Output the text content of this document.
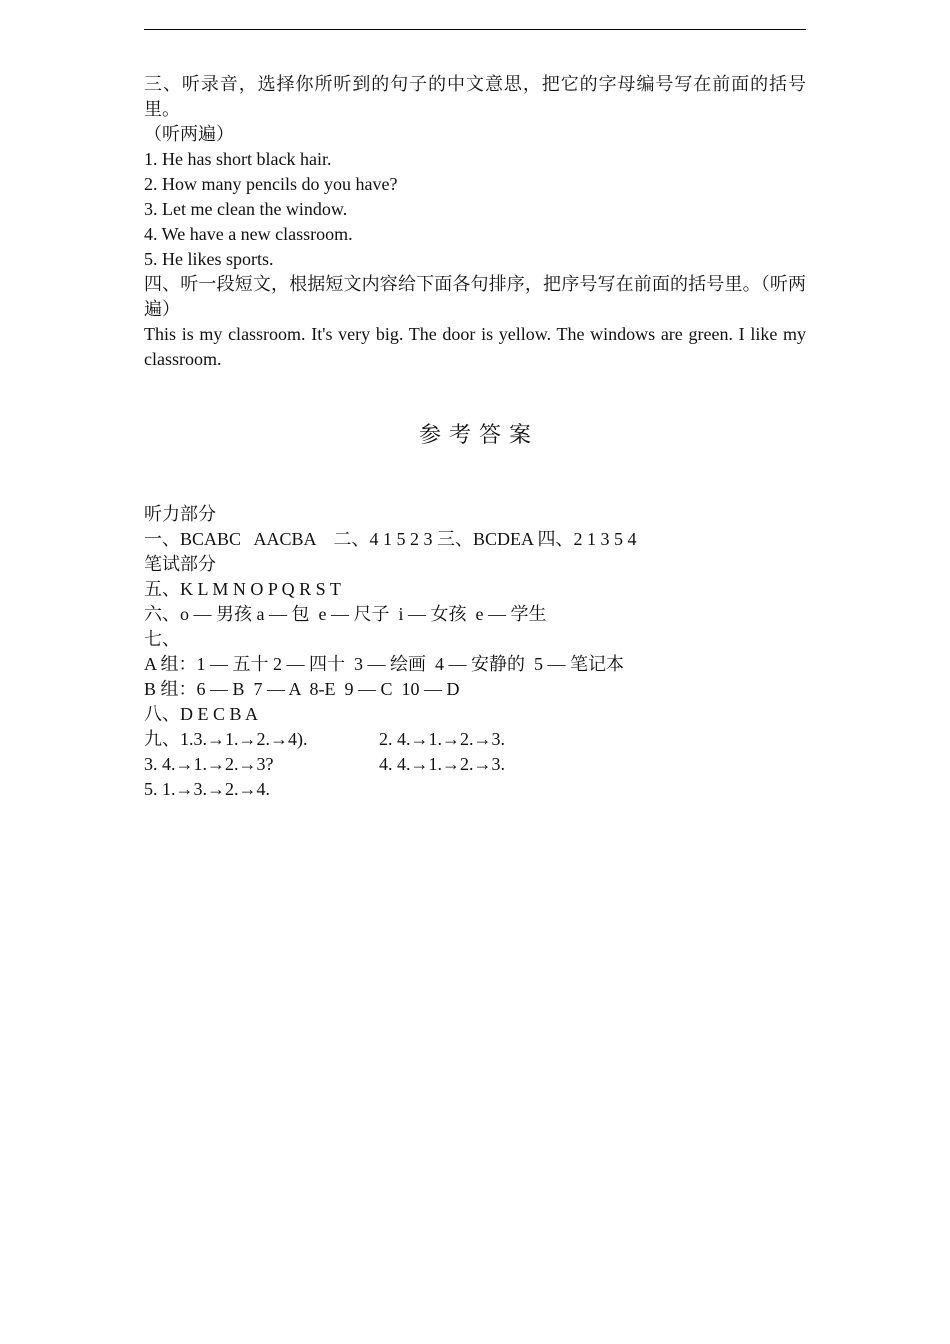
三、听录音，选择你所听到的句子的中文意思，把它的字母编号写在前面的括号里。
（听两遍）
1. He has short black hair.
2. How many pencils do you have?
3. Let me clean the window.
4. We have a new classroom.
5. He likes sports.
四、听一段短文，根据短文内容给下面各句排序，把序号写在前面的括号里。（听两遍）
This is my classroom. It's very big. The door is yellow. The windows are green. I like my classroom.
参考答案
听力部分
一、BCABC   AACBA    二、4 1 5 2 3 三、BCDEA 四、2 1 3 5 4
笔试部分
五、K L M N O P Q R S T
六、o — 男孩 a — 包  e — 尺子  i — 女孩  e — 学生
七、
A 组：1 — 五十 2 — 四十  3 — 绘画  4 — 安静的  5 — 笔记本
B 组：6 — B  7 — A  8-E  9 — C  10 — D
八、D E C B A
九、1.3.→1.→2.→4).	2. 4.→1.→2.→3.
3. 4.→1.→2.→3?	4. 4.→1.→2.→3.
5. 1.→3.→2.→4.
